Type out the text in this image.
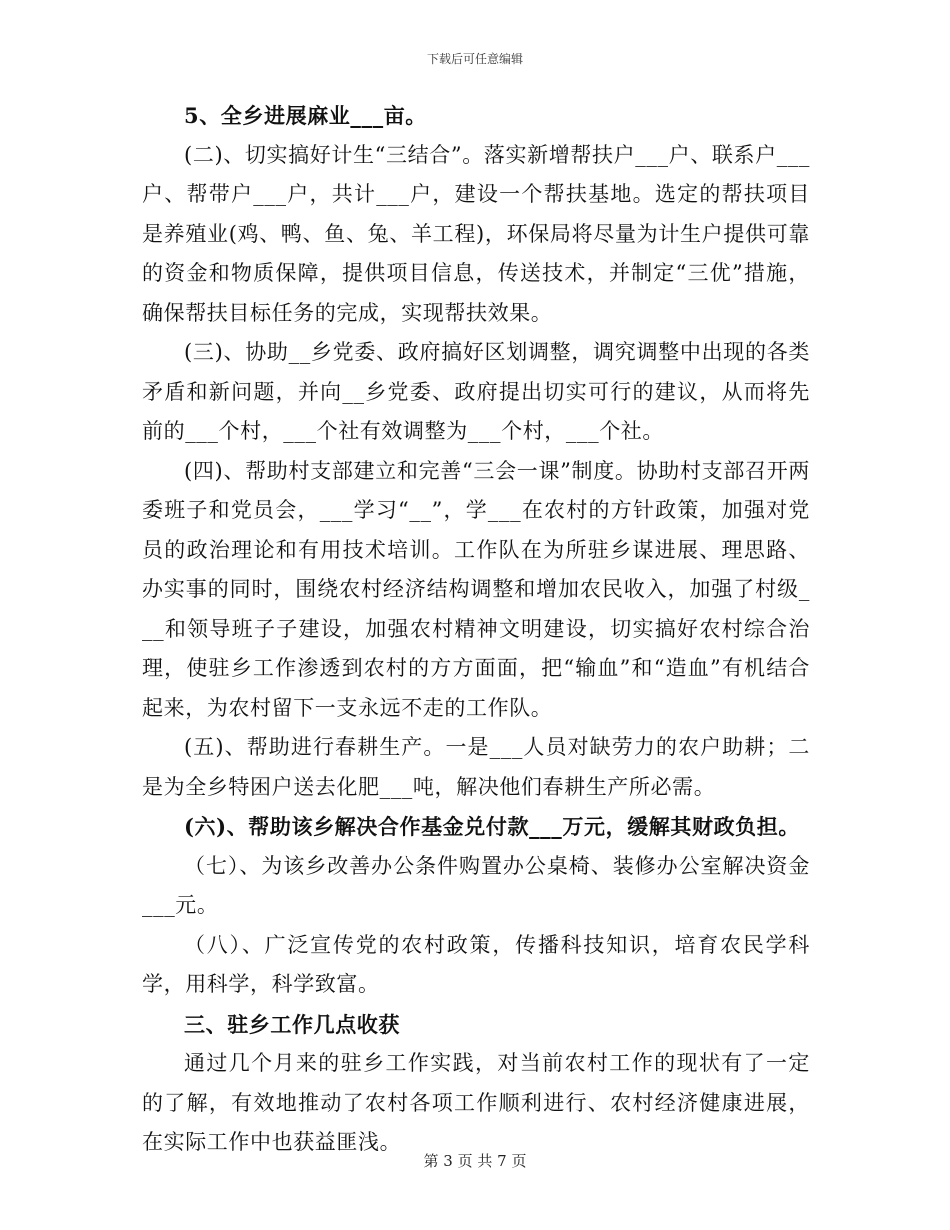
下载后可任意编辑

5、全乡进展麻业___亩。

(二)、切实搞好计生“三结合”。落实新增帮扶户___户、联系户___户、帮带户___户，共计___户，建设一个帮扶基地。选定的帮扶项目是养殖业(鸡、鸭、鱼、兔、羊工程)，环保局将尽量为计生户提供可靠的资金和物质保障，提供项目信息，传送技术，并制定“三优”措施，确保帮扶目标任务的完成，实现帮扶效果。

(三)、协助__乡党委、政府搞好区划调整，调究调整中出现的各类矛盾和新问题，并向__乡党委、政府提出切实可行的建议，从而将先前的___个村，___个社有效调整为___个村，___个社。

(四)、帮助村支部建立和完善“三会一课”制度。协助村支部召开两委班子和党员会，___学习“__”，学___在农村的方针政策，加强对党员的政治理论和有用技术培训。工作队在为所驻乡谋进展、理思路、办实事的同时，围绕农村经济结构调整和增加农民收入，加强了村级___和领导班子子建设，加强农村精神文明建设，切实搞好农村综合治理，使驻乡工作渗透到农村的方方面面，把“输血”和“造血”有机结合起来，为农村留下一支永远不走的工作队。

(五)、帮助进行春耕生产。一是___人员对缺劳力的农户助耕；二是为全乡特困户送去化肥___吨，解决他们春耕生产所必需。

(六)、帮助该乡解决合作基金兑付款___万元，缓解其财政负担。

（七）、为该乡改善办公条件购置办公桌椅、装修办公室解决资金___元。

（八）、广泛宣传党的农村政策，传播科技知识，培育农民学科学，用科学，科学致富。

三、驻乡工作几点收获

通过几个月来的驻乡工作实践，对当前农村工作的现状有了一定的了解，有效地推动了农村各项工作顺利进行、农村经济健康进展，在实际工作中也获益匪浅。

第 3 页 共 7 页
